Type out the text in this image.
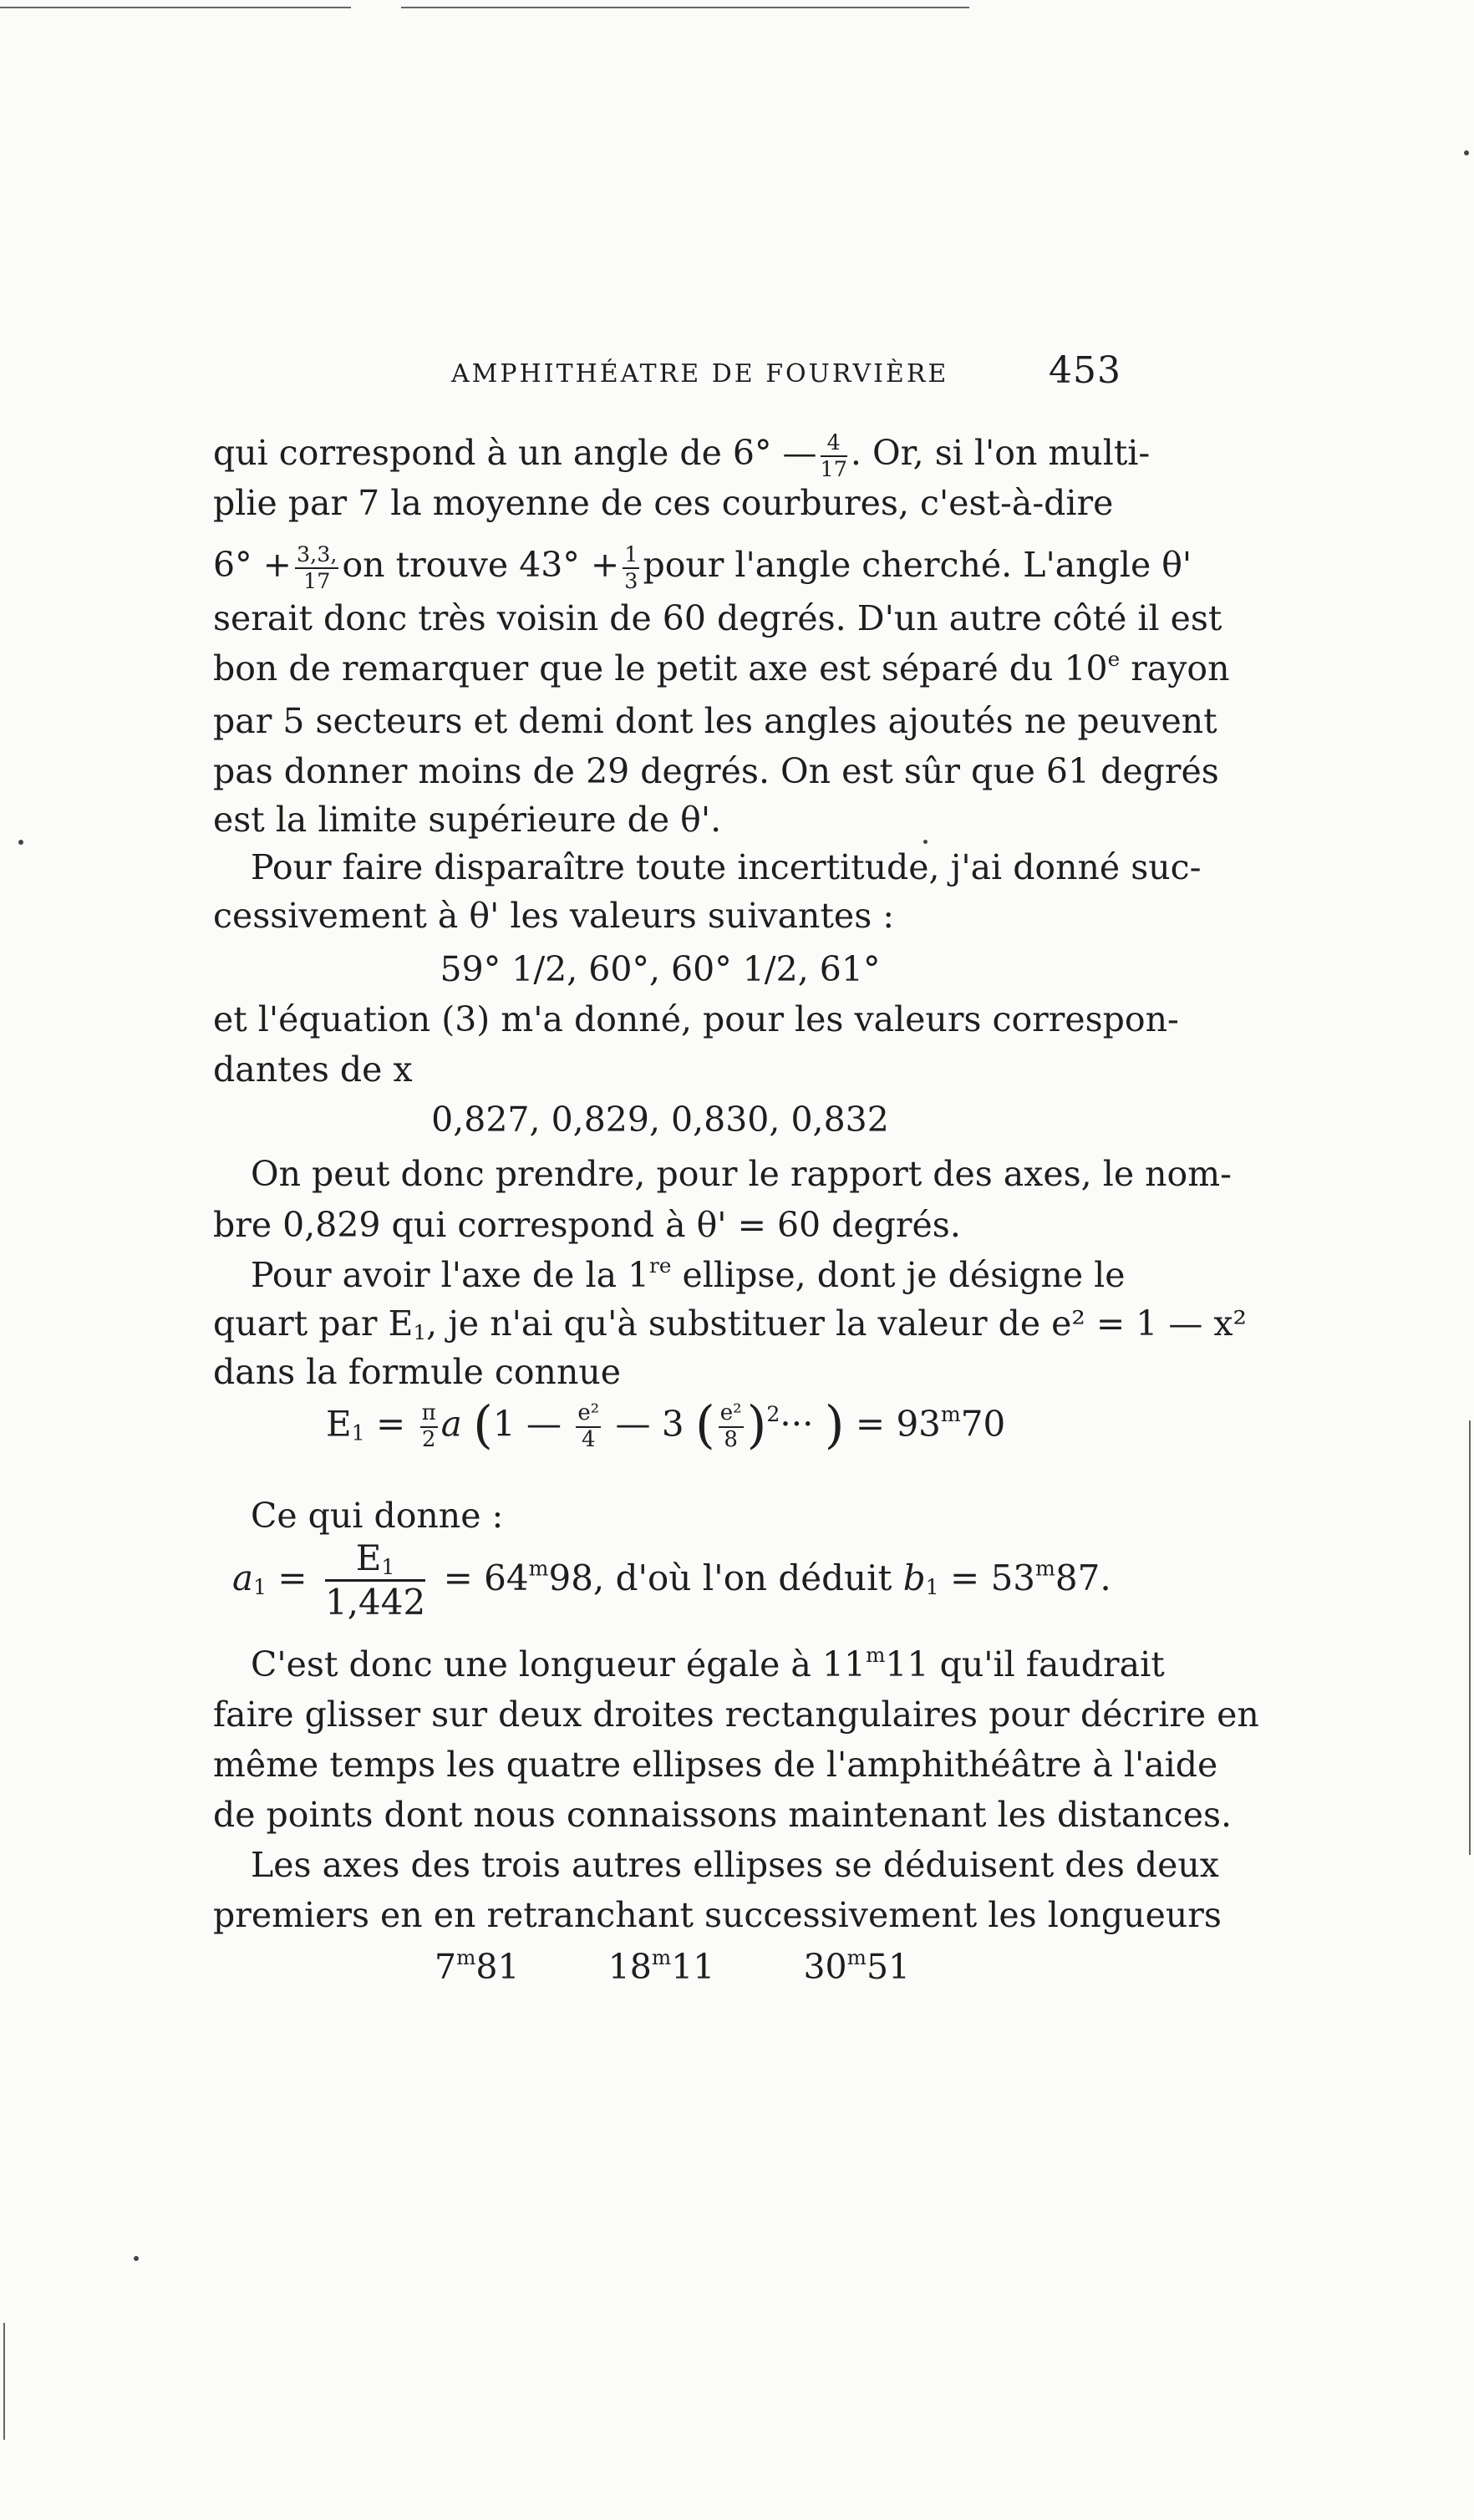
AMPHITHÉATRE DE FOURVIÈRE	453
qui correspond à un angle de 6° — $\frac{4}{17}$ . Or, si l'on multi-
plie par 7 la moyenne de ces courbures, c'est-à-dire
$6^\circ + \frac{3,3,}{17}$ on trouve $43^\circ + \frac{1}{3}$ pour l'angle cherché. L'angle θ'
serait donc très voisin de 60 degrés. D'un autre côté il est
bon de remarquer que le petit axe est séparé du 10e rayon
par 5 secteurs et demi dont les angles ajoutés ne peuvent
pas donner moins de 29 degrés. On est sûr que 61 degrés
est la limite supérieure de θ'.
Pour faire disparaître toute incertitude, j'ai donné suc-
cessivement à θ' les valeurs suivantes :
59° 1/2, 60°, 60° 1/2, 61°
et l'équation (3) m'a donné, pour les valeurs correspon-
dantes de x
0,827, 0,829, 0,830, 0,832
On peut donc prendre, pour le rapport des axes, le nom-
bre 0,829 qui correspond à θ' = 60 degrés.
Pour avoir l'axe de la 1re ellipse, dont je désigne le
quart par $E_1$, je n'ai qu'à substituer la valeur de e² = 1 — x²
dans la formule connue
$E_1 = \frac{\pi}{2}$ a (1 — $\frac{\text{e²}}{4}$ — 3 ( $\frac{\text{e²}}{8} )^2\cdot\cdot\cdot$ ) = $93^m70$
Ce qui donne :
$a_1 = \frac{E_1}{1,442} = 64^m98$, d'où l'on déduit $b_1 = 53^m87$.
C'est donc une longueur égale à 11$^m$11 qu'il faudrait
faire glisser sur deux droites rectangulaires pour décrire en
même temps les quatre ellipses de l'amphithéâtre à l'aide
de points dont nous connaissons maintenant les distances.
Les axes des trois autres ellipses se déduisent des deux
premiers en en retranchant successivement les longueurs
7$^m$81	18$^m$11	30$^m$51
